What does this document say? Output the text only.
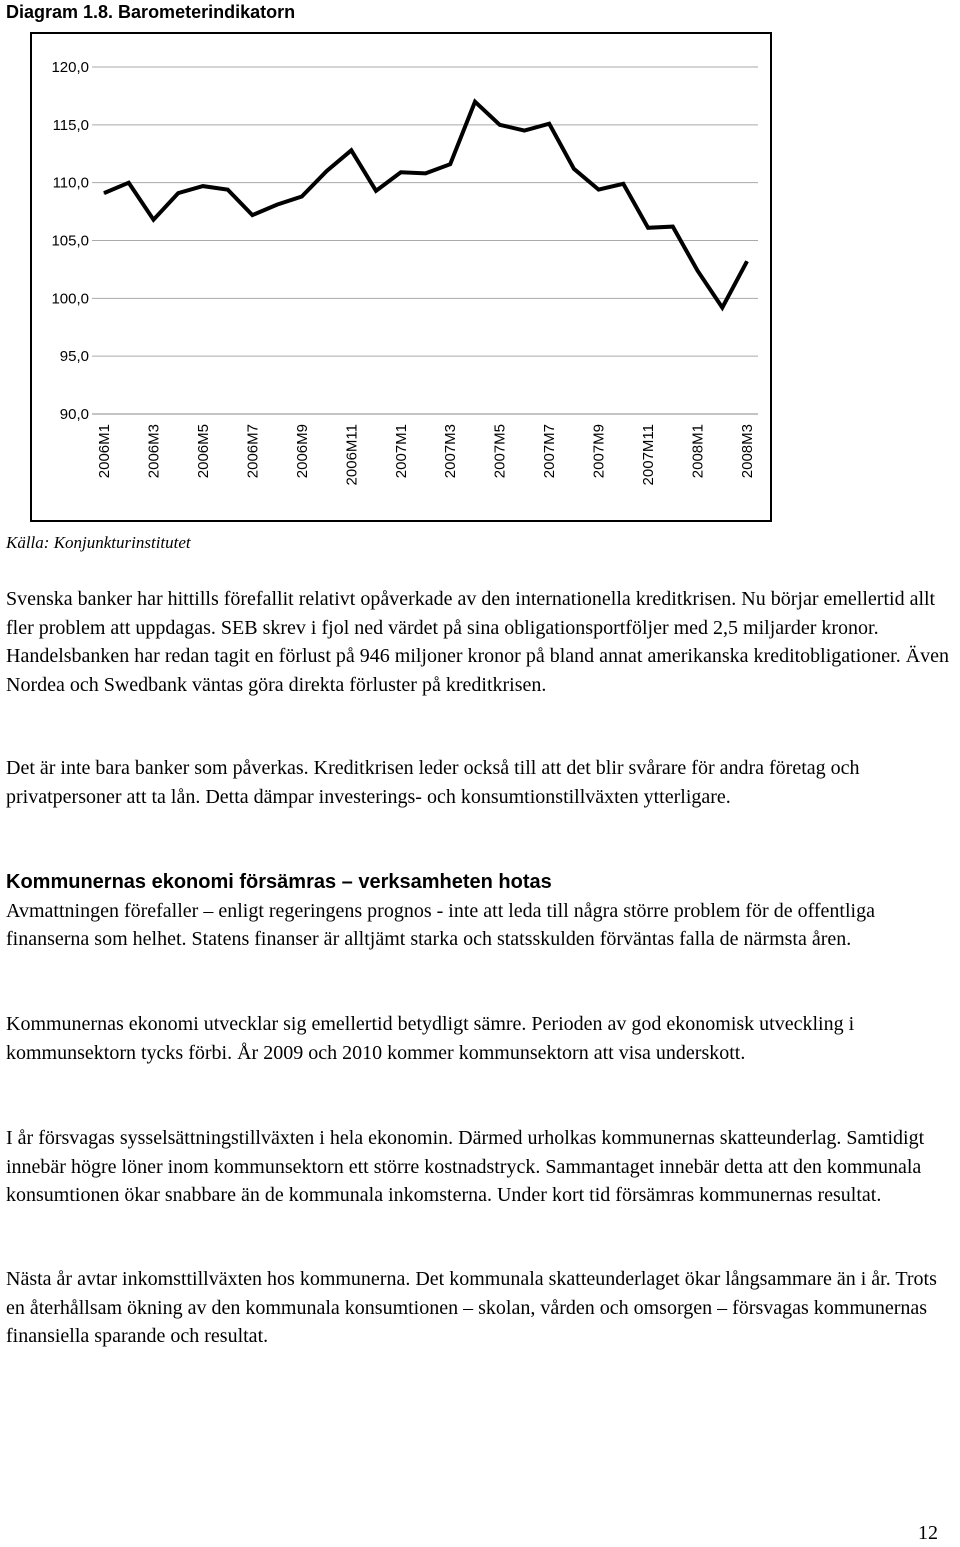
Diagram 1.8. Barometerindikatorn
120,0
115,0
110,0
105,0
100,0
95,0
90,0
2006M1 2006M3 2006M5 2006M7 2006M9 2006M11 2007M1 2007M3 2007M5 2007M7 2007M9 2007M11 2008M1 2008M3
Källa: Konjunkturinstitutet

Svenska banker har hittills förefallit relativt opåverkade av den internationella kreditkrisen. Nu börjar emellertid allt fler problem att uppdagas. SEB skrev i fjol ned värdet på sina obligationsportföljer med 2,5 miljarder kronor. Handelsbanken har redan tagit en förlust på 946 miljoner kronor på bland annat amerikanska kreditobligationer. Även Nordea och Swedbank väntas göra direkta förluster på kreditkrisen.

Det är inte bara banker som påverkas. Kreditkrisen leder också till att det blir svårare för andra företag och privatpersoner att ta lån. Detta dämpar investerings- och konsumtionstillväxten ytterligare.

Kommunernas ekonomi försämras – verksamheten hotas

Avmattningen förefaller – enligt regeringens prognos - inte att leda till några större problem för de offentliga finanserna som helhet. Statens finanser är alltjämt starka och statsskulden förväntas falla de närmsta åren.

Kommunernas ekonomi utvecklar sig emellertid betydligt sämre. Perioden av god ekonomisk utveckling i kommunsektorn tycks förbi. År 2009 och 2010 kommer kommunsektorn att visa underskott.

I år försvagas sysselsättningstillväxten i hela ekonomin. Därmed urholkas kommunernas skatteunderlag. Samtidigt innebär högre löner inom kommunsektorn ett större kostnadstryck. Sammantaget innebär detta att den kommunala konsumtionen ökar snabbare än de kommunala inkomsterna. Under kort tid försämras kommunernas resultat.

Nästa år avtar inkomsttillväxten hos kommunerna. Det kommunala skatteunderlaget ökar långsammare än i år. Trots en återhållsam ökning av den kommunala konsumtionen – skolan, vården och omsorgen – försvagas kommunernas finansiella sparande och resultat.

12
